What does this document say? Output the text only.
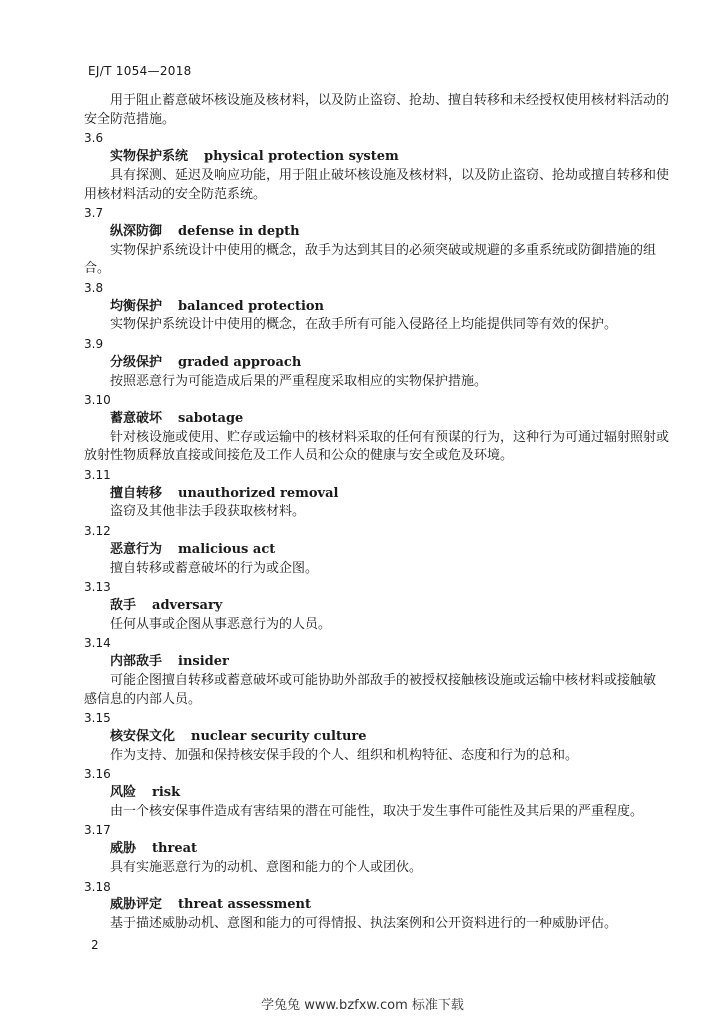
EJ/T 1054—2018
用于阻止蓄意破坏核设施及核材料，以及防止盗窃、抢劫、擅自转移和未经授权使用核材料活动的
安全防范措施。
3.6
实物保护系统 physical protection system
具有探测、延迟及响应功能，用于阻止破坏核设施及核材料，以及防止盗窃、抢劫或擅自转移和使
用核材料活动的安全防范系统。
3.7
纵深防御 defense in depth
实物保护系统设计中使用的概念，敌手为达到其目的必须突破或规避的多重系统或防御措施的组
合。
3.8
均衡保护 balanced protection
实物保护系统设计中使用的概念，在敌手所有可能入侵路径上均能提供同等有效的保护。
3.9
分级保护 graded approach
按照恶意行为可能造成后果的严重程度采取相应的实物保护措施。
3.10
蓄意破坏 sabotage
针对核设施或使用、贮存或运输中的核材料采取的任何有预谋的行为，这种行为可通过辐射照射或
放射性物质释放直接或间接危及工作人员和公众的健康与安全或危及环境。
3.11
擅自转移 unauthorized removal
盗窃及其他非法手段获取核材料。
3.12
恶意行为 malicious act
擅自转移或蓄意破坏的行为或企图。
3.13
敌手 adversary
任何从事或企图从事恶意行为的人员。
3.14
内部敌手 insider
可能企图擅自转移或蓄意破坏或可能协助外部敌手的被授权接触核设施或运输中核材料或接触敏
感信息的内部人员。
3.15
核安保文化 nuclear security culture
作为支持、加强和保持核安保手段的个人、组织和机构特征、态度和行为的总和。
3.16
风险 risk
由一个核安保事件造成有害结果的潜在可能性，取决于发生事件可能性及其后果的严重程度。
3.17
威胁 threat
具有实施恶意行为的动机、意图和能力的个人或团伙。
3.18
威胁评定 threat assessment
基于描述威胁动机、意图和能力的可得情报、执法案例和公开资料进行的一种威胁评估。
2
学兔兔 www.bzfxw.com 标准下载
